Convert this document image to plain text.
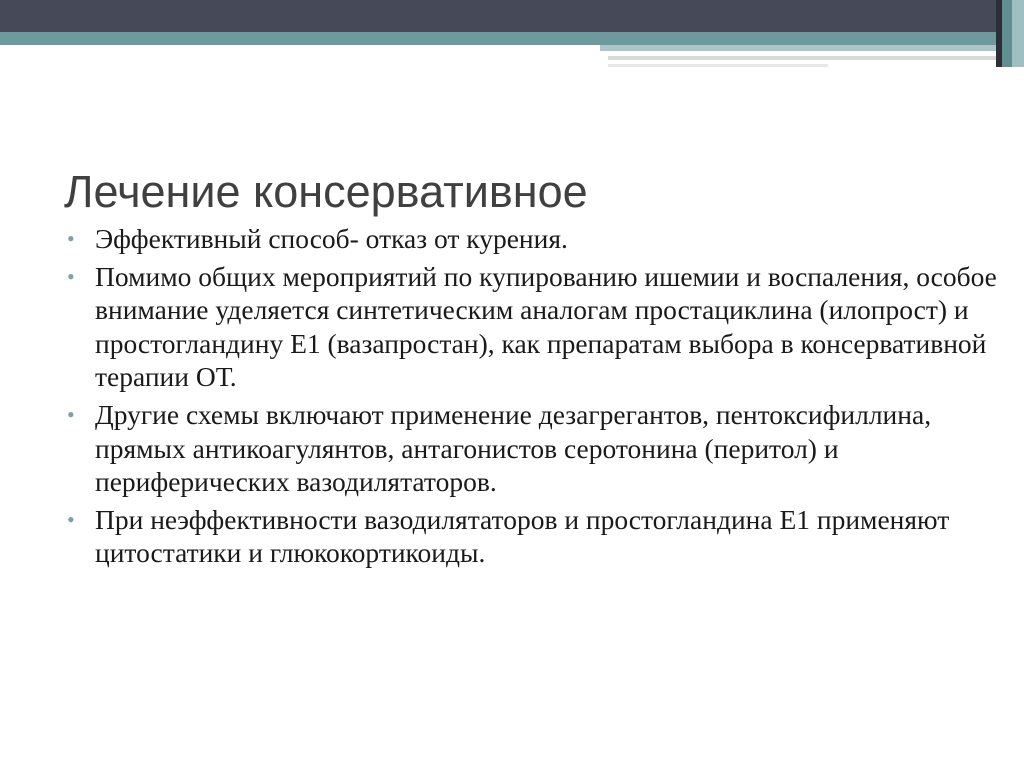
Лечение консервативное
• Эффективный способ- отказ от курения.
• Помимо общих мероприятий по купированию ишемии и воспаления, особое внимание уделяется синтетическим аналогам простациклина (илопрост) и простогландину Е1 (вазапростан), как препаратам выбора в консервативной терапии ОТ.
• Другие схемы включают применение дезагрегантов, пентоксифиллина, прямых антикоагулянтов, антагонистов серотонина (перитол) и периферических вазодилятаторов.
• При неэффективности вазодилятаторов и простогландина Е1 применяют цитостатики и глюкокортикоиды.
